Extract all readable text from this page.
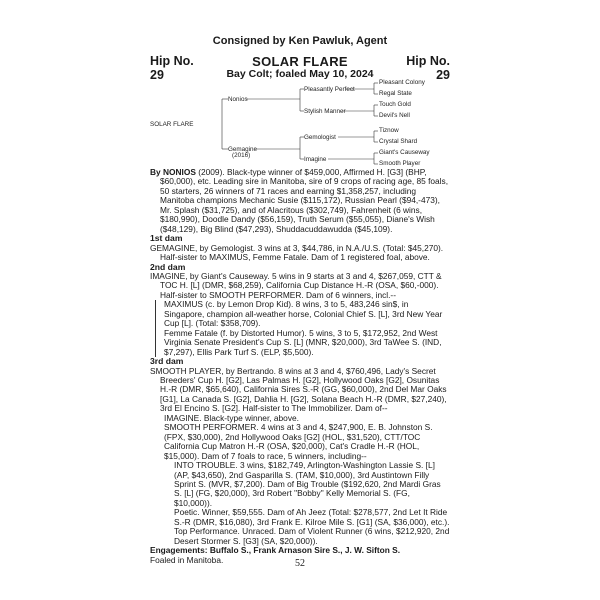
Consigned by Ken Pawluk, Agent
Hip No.
29
Hip No.
29
SOLAR FLARE
Bay Colt; foaled May 10, 2024
SOLAR FLARE
Nonios
Gemagine
(2016)
Pleasantly Perfect
Stylish Manner
Gemologist
Imagine
Pleasant Colony
Regal State
Touch Gold
Devil's Nell
Tiznow
Crystal Shard
Giant's Causeway
Smooth Player

By NONIOS (2009). Black-type winner of $459,000, Affirmed H. [G3] (BHP, $60,000), etc. Leading sire in Manitoba, sire of 9 crops of racing age, 85 foals, 50 starters, 26 winners of 71 races and earning $1,358,257, including Manitoba champions Mechanic Susie ($115,172), Russian Pearl ($94,-473), Mr. Splash ($31,725), and of Alacritous ($302,749), Fahrenheit (6 wins, $180,990), Doodle Dandy ($56,159), Truth Serum ($55,055), Diane's Wish ($48,129), Big Blind ($47,293), Shuddacuddawudda ($45,109).

1st dam

GEMAGINE, by Gemologist. 3 wins at 3, $44,786, in N.A./U.S. (Total: $45,270). Half-sister to MAXIMUS, Femme Fatale. Dam of 1 registered foal, above.

2nd dam

IMAGINE, by Giant's Causeway. 5 wins in 9 starts at 3 and 4, $267,059, CTT & TOC H. [L] (DMR, $68,259), California Cup Distance H.-R (OSA, $60,-000). Half-sister to SMOOTH PERFORMER. Dam of 6 winners, incl.--

MAXIMUS (c. by Lemon Drop Kid). 8 wins, 3 to 5, 483,246 sin$, in Singapore, champion all-weather horse, Colonial Chief S. [L], 3rd New Year Cup [L]. (Total: $358,709).

Femme Fatale (f. by Distorted Humor). 5 wins, 3 to 5, $172,952, 2nd West Virginia Senate President's Cup S. [L] (MNR, $20,000), 3rd TaWee S. (IND, $7,297), Ellis Park Turf S. (ELP, $5,500).

3rd dam

SMOOTH PLAYER, by Bertrando. 8 wins at 3 and 4, $760,496, Lady's Secret Breeders' Cup H. [G2], Las Palmas H. [G2], Hollywood Oaks [G2], Osunitas H.-R (DMR, $65,640), California Sires S.-R (GG, $60,000), 2nd Del Mar Oaks [G1], La Canada S. [G2], Dahlia H. [G2], Solana Beach H.-R (DMR, $27,240), 3rd El Encino S. [G2]. Half-sister to The Immobilizer. Dam of--

IMAGINE. Black-type winner, above.

SMOOTH PERFORMER. 4 wins at 3 and 4, $247,900, E. B. Johnston S. (FPX, $30,000), 2nd Hollywood Oaks [G2] (HOL, $31,520), CTT/TOC California Cup Matron H.-R (OSA, $20,000), Cat's Cradle H.-R (HOL, $15,000). Dam of 7 foals to race, 5 winners, including--

INTO TROUBLE. 3 wins, $182,749, Arlington-Washington Lassie S. [L] (AP, $43,650), 2nd Gasparilla S. (TAM, $10,000), 3rd Austintown Filly Sprint S. (MVR, $7,200). Dam of Big Trouble ($192,620, 2nd Mardi Gras S. [L] (FG, $20,000), 3rd Robert "Bobby" Kelly Memorial S. (FG, $10,000)).

Poetic. Winner, $59,555. Dam of Ah Jeez (Total: $278,577, 2nd Let It Ride S.-R (DMR, $16,080), 3rd Frank E. Kilroe Mile S. [G1] (SA, $36,000), etc.).

Top Performance. Unraced. Dam of Violent Runner (6 wins, $212,920, 2nd Desert Stormer S. [G3] (SA, $20,000)).

Engagements: Buffalo S., Frank Arnason Sire S., J. W. Sifton S.

Foaled in Manitoba.	52
